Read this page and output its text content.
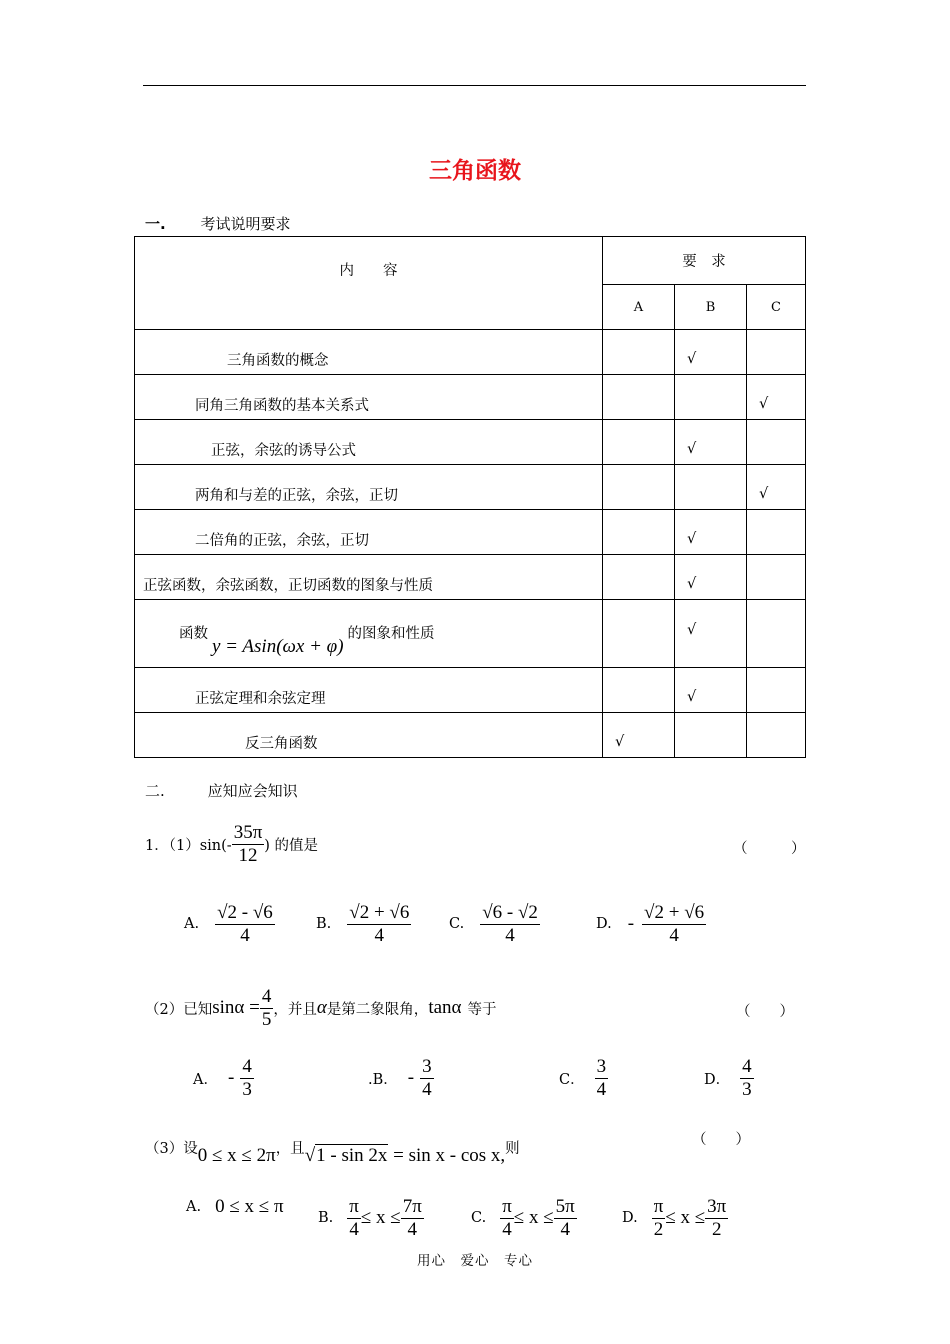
三角函数
一. 考试说明要求
内　　容	要　求		
	A	B	C
三角函数的概念		√	
同角三角函数的基本关系式			√
正弦，余弦的诱导公式		√	
两角和与差的正弦，余弦，正切			√
二倍角的正弦，余弦，正切		√	
正弦函数，余弦函数，正切函数的图象与性质		√	
函数y = Asin(ωx + φ)的图象和性质		√	
正弦定理和余弦定理		√	
反三角函数	√		
二.	应知应会知识
1．$(1)\sin(- \frac{35\pi}{12}$ ) 的值是	（　　　）
A. $\frac{√2 - √6}{4}$	B. $\frac{√2 + √6}{4}$	C. $\frac{√6 - √2}{4}$	D. - $\frac{√2 + √6}{4}$
（2）已知 $\sin\alpha = \frac{4}{5}$ ，并且 α 是第二象限角， tanα 等于	（　　）
A． - $\frac{4}{3}$	.B． - $\frac{3}{4}$	C． $\frac{3}{4}$	D． $\frac{4}{3}$
（3）设 0 ≤ x ≤ 2π ，且 √1 - sin 2x = sin x - cos x, 则
（　　）
A. 0 ≤ x ≤ π
B. $\frac{\pi}{4} \le x \le \frac{7\pi}{4}$	C. $\frac{\pi}{4} \le x \le \frac{5\pi}{4}$	D. $\frac{\pi}{2} \le x \le \frac{3\pi}{2}$
用心　爱心　专心
